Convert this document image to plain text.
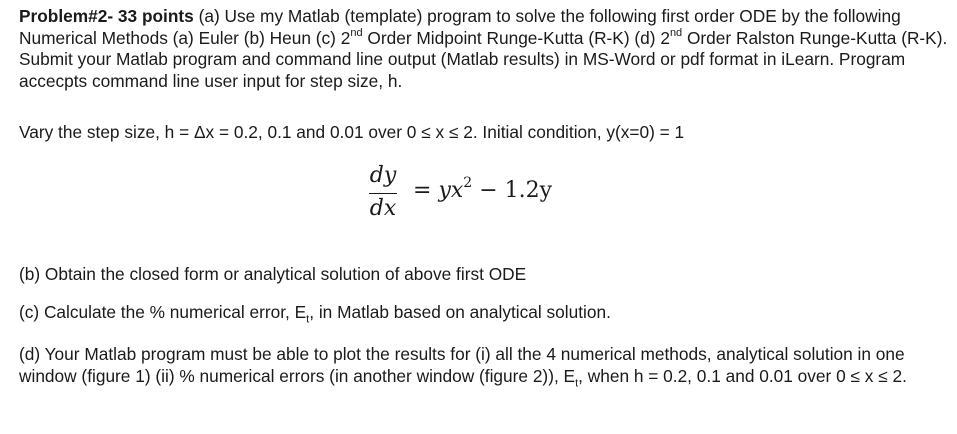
Problem#2- 33 points (a) Use my Matlab (template) program to solve the following first order ODE by the following Numerical Methods (a) Euler (b) Heun (c) 2nd Order Midpoint Runge-Kutta (R-K) (d) 2nd Order Ralston Runge-Kutta (R-K). Submit your Matlab program and command line output (Matlab results) in MS-Word or pdf format in iLearn. Program accecpts command line user input for step size, h.

Vary the step size, h = Δx = 0.2, 0.1 and 0.01 over 0 ≤ x ≤ 2. Initial condition, y(x=0) = 1

dy
dx
= $yx^2 - 1.2y$

(b) Obtain the closed form or analytical solution of above first ODE

(c) Calculate the % numerical error, $E_t$, in Matlab based on analytical solution.

(d) Your Matlab program must be able to plot the results for (i) all the 4 numerical methods, analytical solution in one window (figure 1) (ii) % numerical errors (in another window (figure 2)), $E_t$, when h = 0.2, 0.1 and 0.01 over 0 ≤ x ≤ 2.
